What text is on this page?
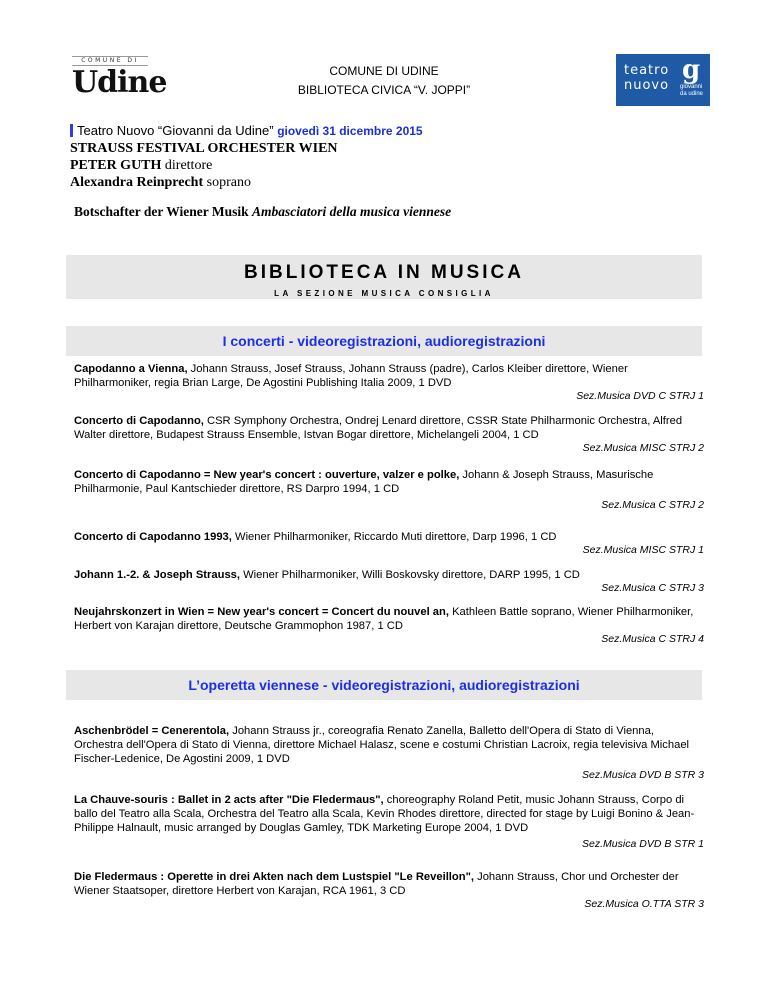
COMUNE DI
Udine	COMUNE DI UDINE
BIBLIOTECA CIVICA “V. JOPPI”
teatro
nuovo
g
giovanni
da udine
Teatro Nuovo “Giovanni da Udine” giovedì 31 dicembre 2015
STRAUSS FESTIVAL ORCHESTER WIEN
PETER GUTH direttore
Alexandra Reinprecht soprano
Botschafter der Wiener Musik Ambasciatori della musica viennese
BIBLIOTECA IN MUSICA
LA SEZIONE MUSICA CONSIGLIA
I concerti - videoregistrazioni, audioregistrazioni
Capodanno a Vienna, Johann Strauss, Josef Strauss, Johann Strauss (padre), Carlos Kleiber direttore, Wiener Philharmoniker, regia Brian Large, De Agostini Publishing Italia 2009, 1 DVD
Sez.Musica DVD C STRJ 1
Concerto di Capodanno, CSR Symphony Orchestra, Ondrej Lenard direttore, CSSR State Philharmonic Orchestra, Alfred Walter direttore, Budapest Strauss Ensemble, Istvan Bogar direttore, Michelangeli 2004, 1 CD
Sez.Musica MISC STRJ 2
Concerto di Capodanno = New year's concert : ouverture, valzer e polke, Johann & Joseph Strauss, Masurische Philharmonie, Paul Kantschieder direttore, RS Darpro 1994, 1 CD
Sez.Musica C STRJ 2
Concerto di Capodanno 1993, Wiener Philharmoniker, Riccardo Muti direttore, Darp 1996, 1 CD
Sez.Musica MISC STRJ 1
Johann 1.-2. & Joseph Strauss, Wiener Philharmoniker, Willi Boskovsky direttore, DARP 1995, 1 CD
Sez.Musica C STRJ 3
Neujahrskonzert in Wien = New year's concert = Concert du nouvel an, Kathleen Battle soprano, Wiener Philharmoniker, Herbert von Karajan direttore, Deutsche Grammophon 1987, 1 CD
Sez.Musica C STRJ 4
L’operetta viennese - videoregistrazioni, audioregistrazioni
Aschenbrödel = Cenerentola, Johann Strauss jr., coreografia Renato Zanella, Balletto dell'Opera di Stato di Vienna, Orchestra dell'Opera di Stato di Vienna, direttore Michael Halasz, scene e costumi Christian Lacroix, regia televisiva Michael Fischer-Ledenice, De Agostini 2009, 1 DVD
Sez.Musica DVD B STR 3
La Chauve-souris : Ballet in 2 acts after "Die Fledermaus", choreography Roland Petit, music Johann Strauss, Corpo di ballo del Teatro alla Scala, Orchestra del Teatro alla Scala, Kevin Rhodes direttore, directed for stage by Luigi Bonino & Jean-Philippe Halnault, music arranged by Douglas Gamley, TDK Marketing Europe 2004, 1 DVD
Sez.Musica DVD B STR 1
Die Fledermaus : Operette in drei Akten nach dem Lustspiel "Le Reveillon", Johann Strauss, Chor und Orchester der Wiener Staatsoper, direttore Herbert von Karajan, RCA 1961, 3 CD
Sez.Musica O.TTA STR 3
